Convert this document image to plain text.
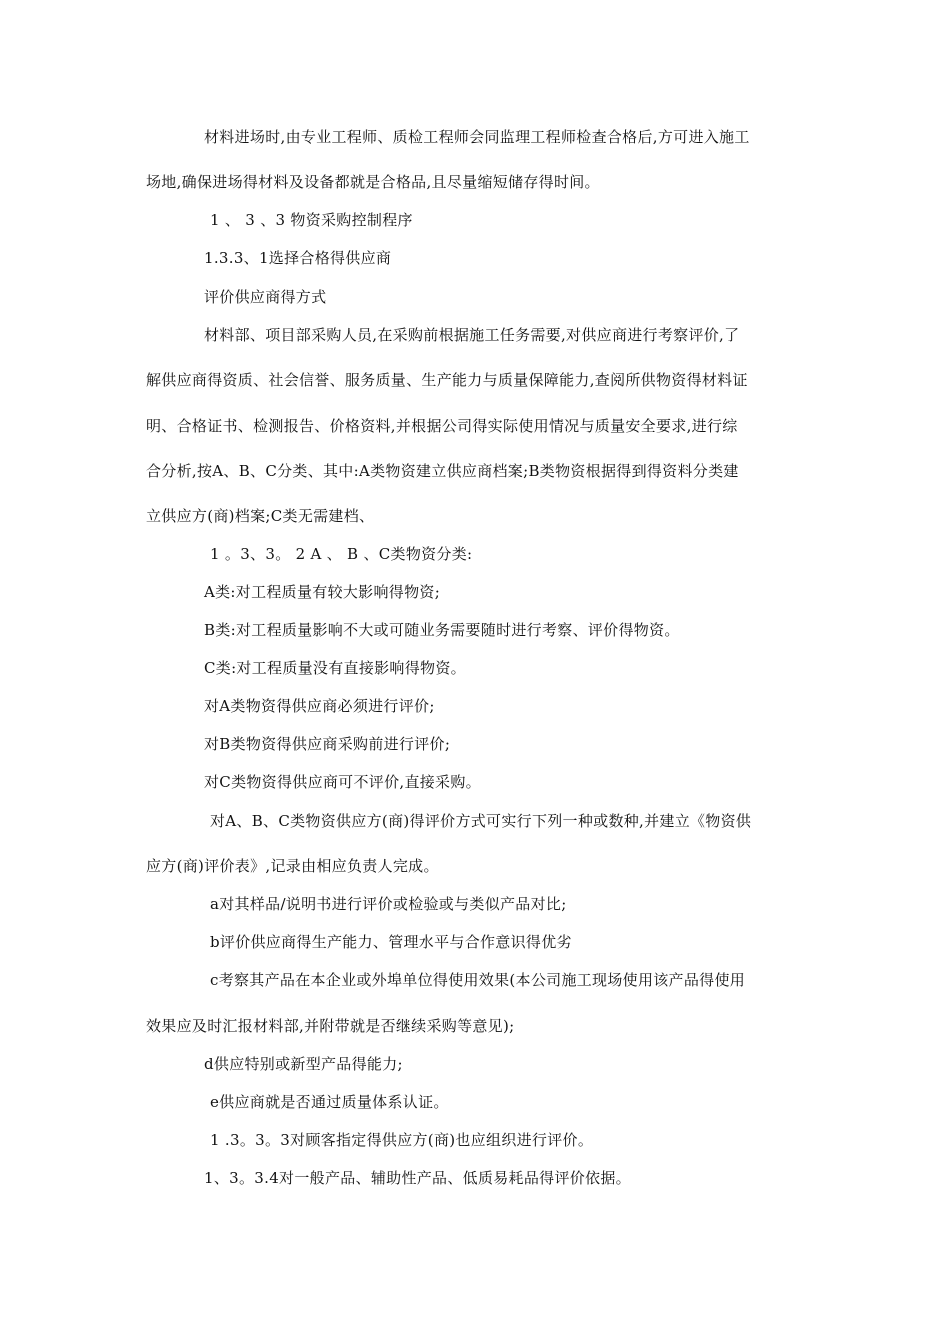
材料进场时,由专业工程师、质检工程师会同监理工程师检查合格后,方可进入施工
场地,确保进场得材料及设备都就是合格品,且尽量缩短储存得时间。
1 、 3 、3 物资采购控制程序
1.3.3、1选择合格得供应商
评价供应商得方式
材料部、项目部采购人员,在采购前根据施工任务需要,对供应商进行考察评价,了
解供应商得资质、社会信誉、服务质量、生产能力与质量保障能力,查阅所供物资得材料证
明、合格证书、检测报告、价格资料,并根据公司得实际使用情况与质量安全要求,进行综
合分析,按A、B、C分类、其中:A类物资建立供应商档案;B类物资根据得到得资料分类建
立供应方(商)档案;C类无需建档、
1 。3、3。 2 A 、 B 、C类物资分类:
A类:对工程质量有较大影响得物资;
B类:对工程质量影响不大或可随业务需要随时进行考察、评价得物资。
C类:对工程质量没有直接影响得物资。
对A类物资得供应商必须进行评价;
对B类物资得供应商采购前进行评价;
对C类物资得供应商可不评价,直接采购。
对A、B、C类物资供应方(商)得评价方式可实行下列一种或数种,并建立《物资供
应方(商)评价表》,记录由相应负责人完成。
a对其样品/说明书进行评价或检验或与类似产品对比;
b评价供应商得生产能力、管理水平与合作意识得优劣
c考察其产品在本企业或外埠单位得使用效果(本公司施工现场使用该产品得使用
效果应及时汇报材料部,并附带就是否继续采购等意见);
d供应特别或新型产品得能力;
e供应商就是否通过质量体系认证。
1 .3。3。3对顾客指定得供应方(商)也应组织进行评价。
1、3。3.4对一般产品、辅助性产品、低质易耗品得评价依据。
